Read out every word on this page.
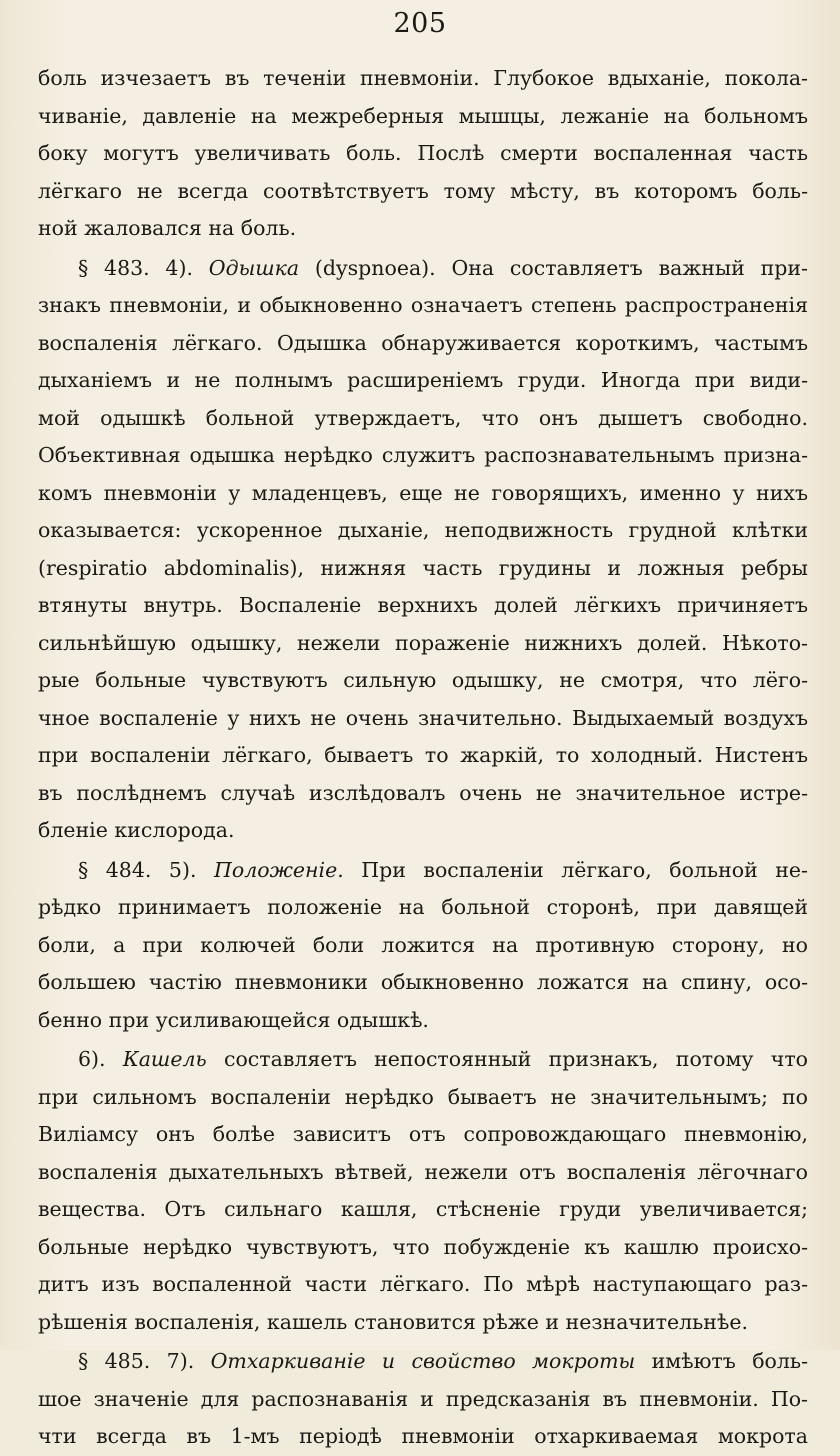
205
боль изчезаетъ въ теченіи пневмоніи. Глубокое вдыханіе, покола-
чиваніе, давленіе на межреберныя мышцы, лежаніе на больномъ
боку могутъ увеличивать боль. Послѣ смерти воспаленная часть
лёгкаго не всегда соотвѣтствуетъ тому мѣсту, въ которомъ боль-
ной жаловался на боль.
§ 483. 4). Одышка (dyspnoea). Она составляетъ важный при-
знакъ пневмоніи, и обыкновенно означаетъ степень распространенія
воспаленія лёгкаго. Одышка обнаруживается короткимъ, частымъ
дыханіемъ и не полнымъ расширеніемъ груди. Иногда при види-
мой одышкѣ больной утверждаетъ, что онъ дышетъ свободно.
Объективная одышка нерѣдко служитъ распознавательнымъ призна-
комъ пневмоніи у младенцевъ, еще не говорящихъ, именно у нихъ
оказывается: ускоренное дыханіе, неподвижность грудной клѣтки
(respiratio abdominalis), нижняя часть грудины и ложныя ребры
втянуты внутрь. Воспаленіе верхнихъ долей лёгкихъ причиняетъ
сильнѣйшую одышку, нежели пораженіе нижнихъ долей. Нѣкото-
рые больные чувствуютъ сильную одышку, не смотря, что лёго-
чное воспаленіе у нихъ не очень значительно. Выдыхаемый воздухъ
при воспаленіи лёгкаго, бываетъ то жаркій, то холодный. Нистенъ
въ послѣднемъ случаѣ изслѣдовалъ очень не значительное истре-
бленіе кислорода.
§ 484. 5). Положеніе. При воспаленіи лёгкаго, больной не-
рѣдко принимаетъ положеніе на больной сторонѣ, при давящей
боли, а при колючей боли ложится на противную сторону, но
большею частію пневмоники обыкновенно ложатся на спину, осо-
бенно при усиливающейся одышкѣ.
6). Кашель составляетъ непостоянный признакъ, потому что
при сильномъ воспаленіи нерѣдко бываетъ не значительнымъ; по
Виліамсу онъ болѣе зависитъ отъ сопровождающаго пневмонію,
воспаленія дыхательныхъ вѣтвей, нежели отъ воспаленія лёгочнаго
вещества. Отъ сильнаго кашля, стѣсненіе груди увеличивается;
больные нерѣдко чувствуютъ, что побужденіе къ кашлю происхо-
дитъ изъ воспаленной части лёгкаго. По мѣрѣ наступающаго раз-
рѣшенія воспаленія, кашель становится рѣже и незначительнѣе.
§ 485. 7). Отхаркиваніе и свойство мокроты имѣютъ боль-
шое значеніе для распознаванія и предсказанія въ пневмоніи. По-
чти всегда въ 1-мъ періодѣ пневмоніи отхаркиваемая мокрота
